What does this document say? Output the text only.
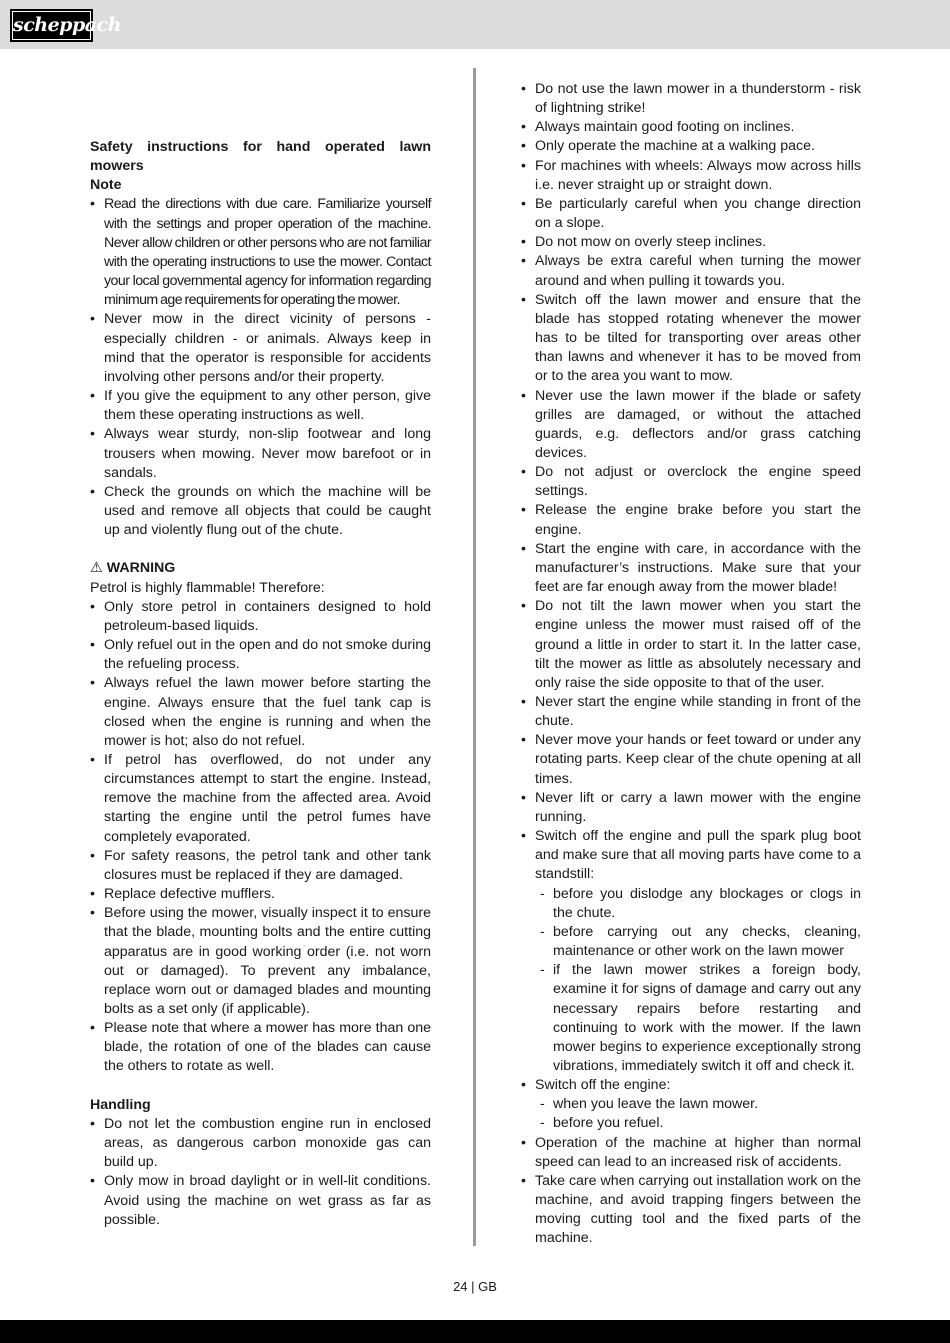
scheppach
Safety instructions for hand operated lawn mowers
Note
• Read the directions with due care. Familiarize yourself with the settings and proper operation of the machine. Never allow children or other persons who are not familiar with the operating instructions to use the mower. Contact your local governmental agency for information regarding minimum age requirements for operating the mower.
• Never mow in the direct vicinity of persons - especially children - or animals. Always keep in mind that the operator is responsible for accidents involving other persons and/or their property.
• If you give the equipment to any other person, give them these operating instructions as well.
• Always wear sturdy, non-slip footwear and long trousers when mowing. Never mow barefoot or in sandals.
• Check the grounds on which the machine will be used and remove all objects that could be caught up and violently flung out of the chute.
⚠ WARNING
Petrol is highly flammable! Therefore:
• Only store petrol in containers designed to hold petroleum-based liquids.
• Only refuel out in the open and do not smoke during the refueling process.
• Always refuel the lawn mower before starting the engine. Always ensure that the fuel tank cap is closed when the engine is running and when the mower is hot; also do not refuel.
• If petrol has overflowed, do not under any circumstances attempt to start the engine. Instead, remove the machine from the affected area. Avoid starting the engine until the petrol fumes have completely evaporated.
• For safety reasons, the petrol tank and other tank closures must be replaced if they are damaged.
• Replace defective mufflers.
• Before using the mower, visually inspect it to ensure that the blade, mounting bolts and the entire cutting apparatus are in good working order (i.e. not worn out or damaged). To prevent any imbalance, replace worn out or damaged blades and mounting bolts as a set only (if applicable).
• Please note that where a mower has more than one blade, the rotation of one of the blades can cause the others to rotate as well.
Handling
• Do not let the combustion engine run in enclosed areas, as dangerous carbon monoxide gas can build up.
• Only mow in broad daylight or in well-lit conditions. Avoid using the machine on wet grass as far as possible.
• Do not use the lawn mower in a thunderstorm - risk of lightning strike!
• Always maintain good footing on inclines.
• Only operate the machine at a walking pace.
• For machines with wheels: Always mow across hills i.e. never straight up or straight down.
• Be particularly careful when you change direction on a slope.
• Do not mow on overly steep inclines.
• Always be extra careful when turning the mower around and when pulling it towards you.
• Switch off the lawn mower and ensure that the blade has stopped rotating whenever the mower has to be tilted for transporting over areas other than lawns and whenever it has to be moved from or to the area you want to mow.
• Never use the lawn mower if the blade or safety grilles are damaged, or without the attached guards, e.g. deflectors and/or grass catching devices.
• Do not adjust or overclock the engine speed settings.
• Release the engine brake before you start the engine.
• Start the engine with care, in accordance with the manufacturer’s instructions. Make sure that your feet are far enough away from the mower blade!
• Do not tilt the lawn mower when you start the engine unless the mower must raised off of the ground a little in order to start it. In the latter case, tilt the mower as little as absolutely necessary and only raise the side opposite to that of the user.
• Never start the engine while standing in front of the chute.
• Never move your hands or feet toward or under any rotating parts. Keep clear of the chute opening at all times.
• Never lift or carry a lawn mower with the engine running.
• Switch off the engine and pull the spark plug boot and make sure that all moving parts have come to a standstill:
- before you dislodge any blockages or clogs in the chute.
- before carrying out any checks, cleaning, maintenance or other work on the lawn mower
- if the lawn mower strikes a foreign body, examine it for signs of damage and carry out any necessary repairs before restarting and continuing to work with the mower. If the lawn mower begins to experience exceptionally strong vibrations, immediately switch it off and check it.
• Switch off the engine:
- when you leave the lawn mower.
- before you refuel.
• Operation of the machine at higher than normal speed can lead to an increased risk of accidents.
• Take care when carrying out installation work on the machine, and avoid trapping fingers between the moving cutting tool and the fixed parts of the machine.
24 | GB
